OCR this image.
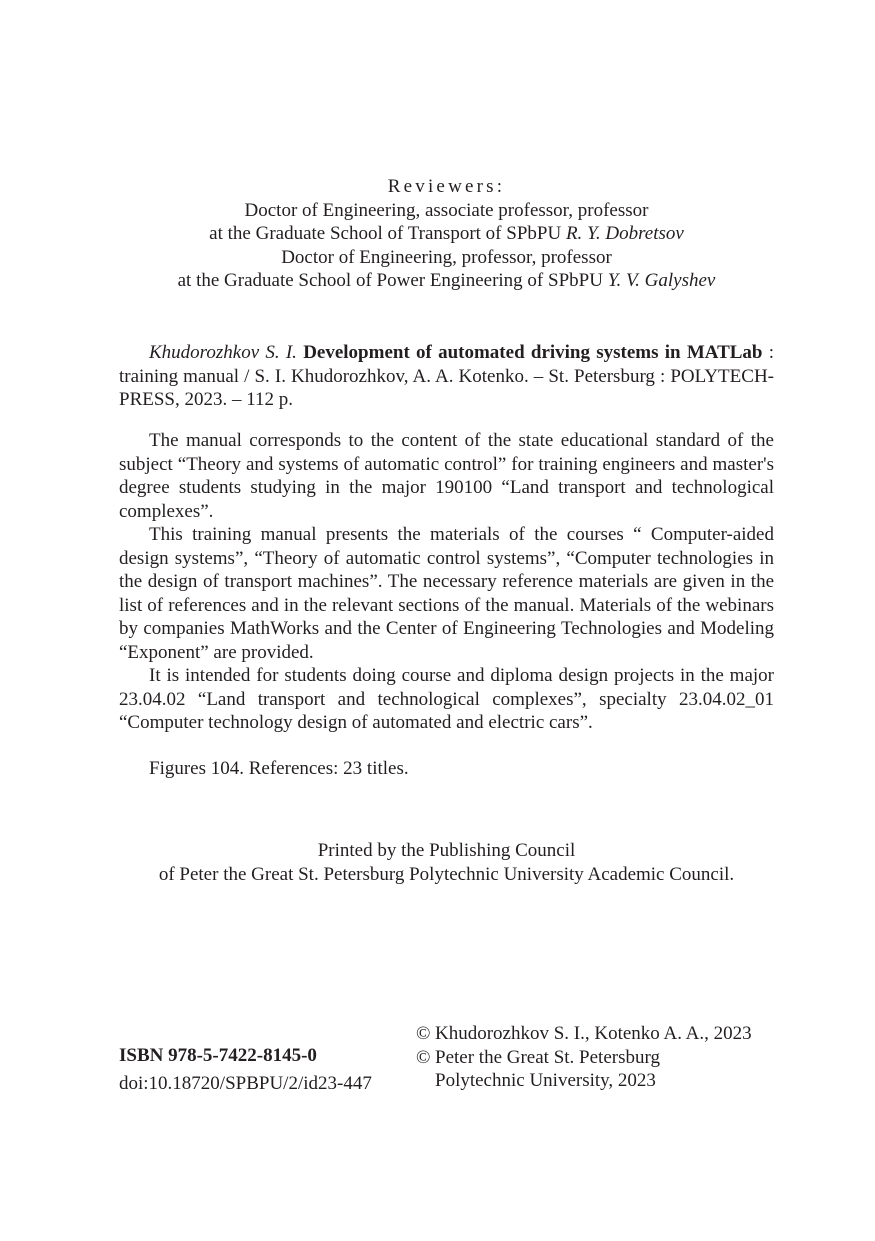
Reviewers:
Doctor of Engineering, associate professor, professor
at the Graduate School of Transport of SPbPU R. Y. Dobretsov
Doctor of Engineering, professor, professor
at the Graduate School of Power Engineering of SPbPU Y. V. Galyshev

Khudorozhkov S. I. Development of automated driving systems in MATLab : training manual / S. I. Khudorozhkov, A. A. Kotenko. – St. Petersburg : POLYTECH-PRESS, 2023. – 112 p.

The manual corresponds to the content of the state educational standard of the subject “Theory and systems of automatic control” for training engineers and master's degree students studying in the major 190100 “Land transport and technological complexes”.

This training manual presents the materials of the courses “ Computer-aided design systems”, “Theory of automatic control systems”, “Computer technologies in the design of transport machines”. The necessary reference materials are given in the list of references and in the relevant sections of the manual. Materials of the webinars by companies MathWorks and the Center of Engineering Technologies and Modeling “Exponent” are provided.

It is intended for students doing course and diploma design projects in the major 23.04.02 “Land transport and technological complexes”, specialty 23.04.02_01 “Computer technology design of automated and electric cars”.

Figures 104. References: 23 titles.
Printed by the Publishing Council
of Peter the Great St. Petersburg Polytechnic University Academic Council.
ISBN 978-5-7422-8145-0
doi:10.18720/SPBPU/2/id23-447
© Khudorozhkov S. I., Kotenko A. A., 2023
© Peter the Great St. Petersburg
Polytechnic University, 2023
